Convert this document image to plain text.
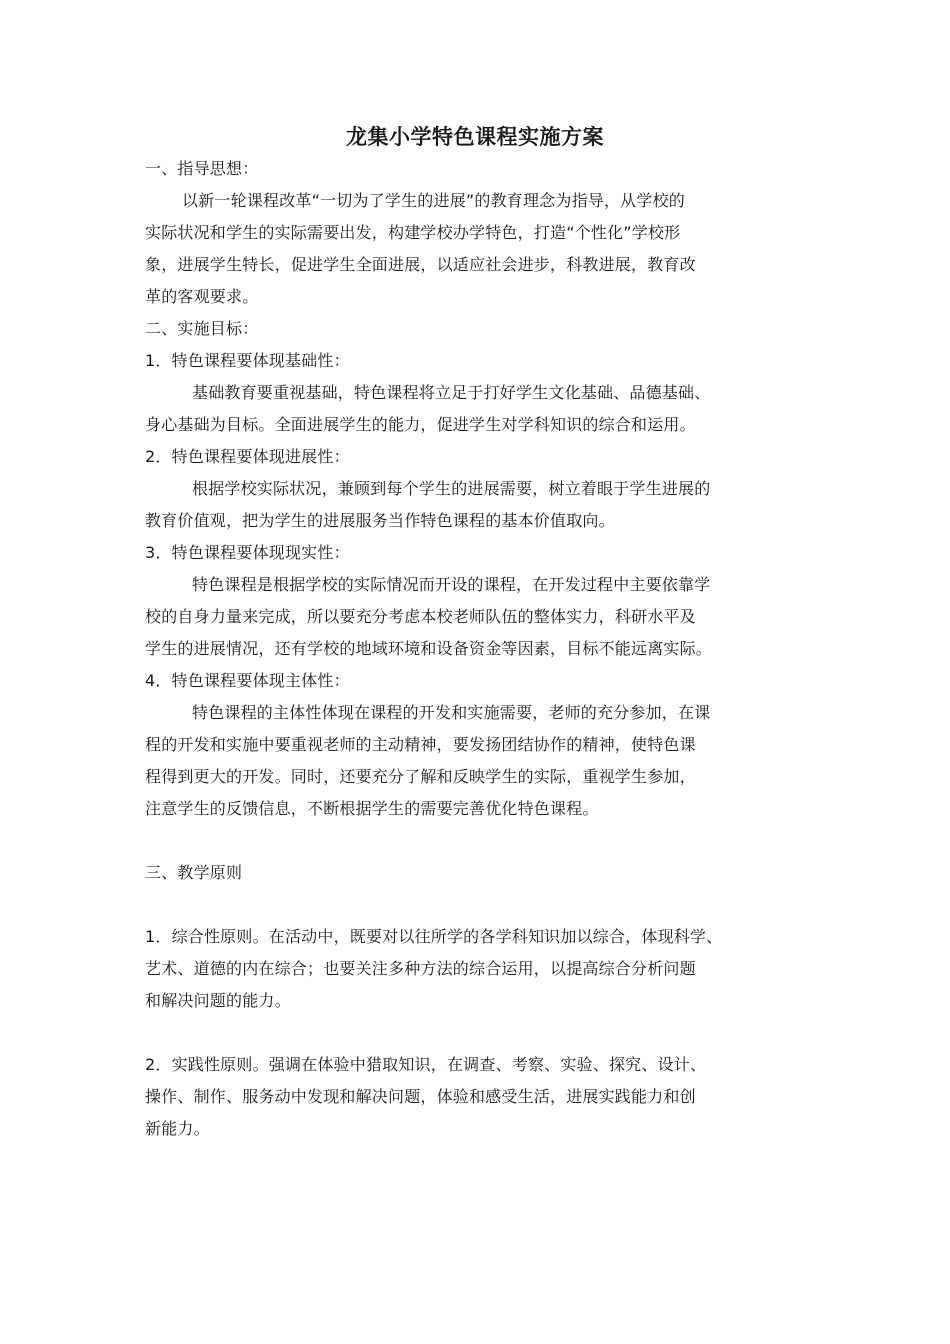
龙集小学特色课程实施方案
一、指导思想：
以新一轮课程改革“一切为了学生的进展”的教育理念为指导，从学校的
实际状况和学生的实际需要出发，构建学校办学特色，打造“个性化”学校形
象，进展学生特长，促进学生全面进展，以适应社会进步，科教进展，教育改
革的客观要求。
二、实施目标：
1．特色课程要体现基础性：
基础教育要重视基础，特色课程将立足于打好学生文化基础、品德基础、
身心基础为目标。全面进展学生的能力，促进学生对学科知识的综合和运用。
2．特色课程要体现进展性：
根据学校实际状况，兼顾到每个学生的进展需要，树立着眼于学生进展的
教育价值观，把为学生的进展服务当作特色课程的基本价值取向。
3．特色课程要体现现实性：
特色课程是根据学校的实际情况而开设的课程，在开发过程中主要依靠学
校的自身力量来完成，所以要充分考虑本校老师队伍的整体实力，科研水平及
学生的进展情况，还有学校的地域环境和设备资金等因素，目标不能远离实际。
4．特色课程要体现主体性：
特色课程的主体性体现在课程的开发和实施需要，老师的充分参加，在课
程的开发和实施中要重视老师的主动精神，要发扬团结协作的精神，使特色课
程得到更大的开发。同时，还要充分了解和反映学生的实际，重视学生参加，
注意学生的反馈信息，不断根据学生的需要完善优化特色课程。
三、教学原则
1．综合性原则。在活动中，既要对以往所学的各学科知识加以综合，体现科学、
艺术、道德的内在综合；也要关注多种方法的综合运用，以提高综合分析问题
和解决问题的能力。
2．实践性原则。强调在体验中猎取知识，在调查、考察、实验、探究、设计、
操作、制作、服务动中发现和解决问题，体验和感受生活，进展实践能力和创
新能力。
